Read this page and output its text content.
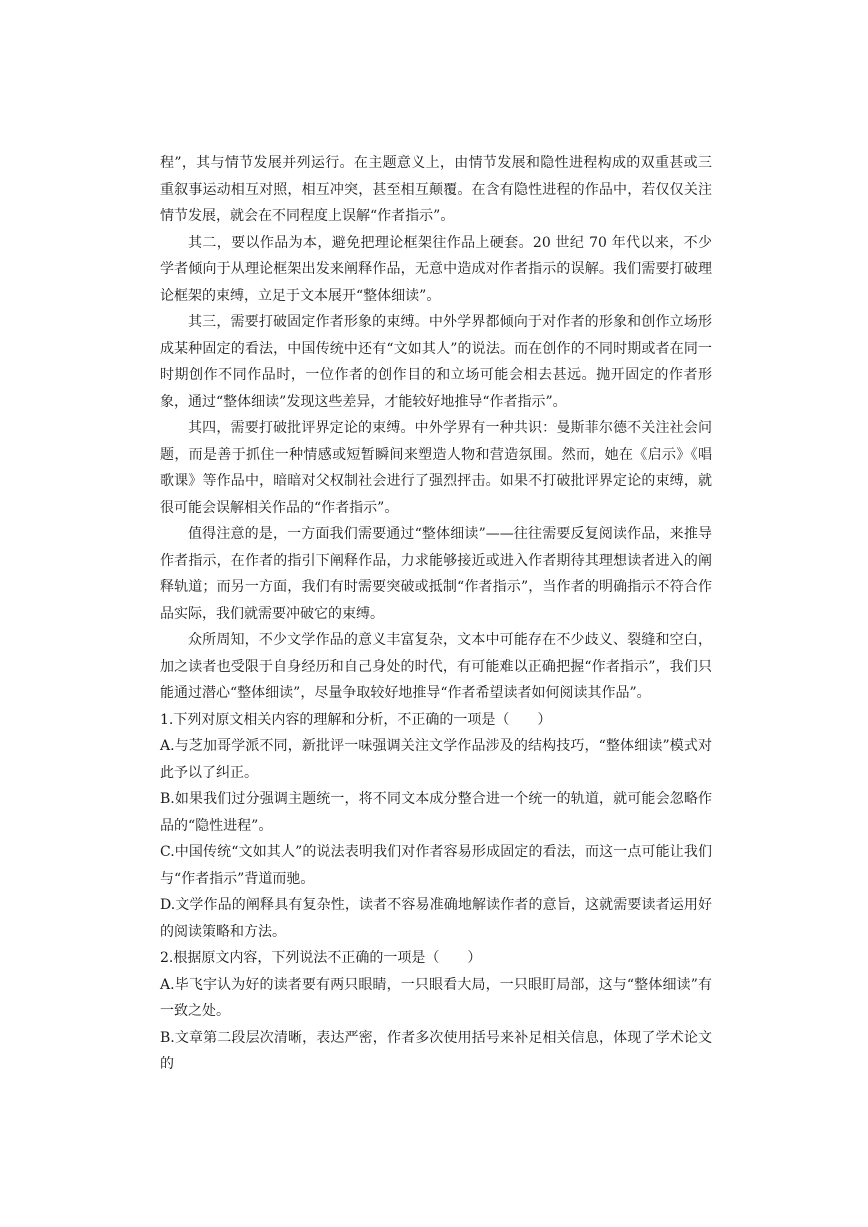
程”，其与情节发展并列运行。在主题意义上，由情节发展和隐性进程构成的双重甚或三重叙事运动相互对照，相互冲突，甚至相互颠覆。在含有隐性进程的作品中，若仅仅关注情节发展，就会在不同程度上误解“作者指示”。

其二，要以作品为本，避免把理论框架往作品上硬套。20 世纪 70 年代以来，不少学者倾向于从理论框架出发来阐释作品，无意中造成对作者指示的误解。我们需要打破理论框架的束缚，立足于文本展开“整体细读”。

其三，需要打破固定作者形象的束缚。中外学界都倾向于对作者的形象和创作立场形成某种固定的看法，中国传统中还有“文如其人”的说法。而在创作的不同时期或者在同一时期创作不同作品时，一位作者的创作目的和立场可能会相去甚远。抛开固定的作者形象，通过“整体细读”发现这些差异，才能较好地推导“作者指示”。

其四，需要打破批评界定论的束缚。中外学界有一种共识：曼斯菲尔德不关注社会问题，而是善于抓住一种情感或短暂瞬间来塑造人物和营造氛围。然而，她在《启示》《唱歌课》等作品中，暗暗对父权制社会进行了强烈抨击。如果不打破批评界定论的束缚，就很可能会误解相关作品的“作者指示”。

值得注意的是，一方面我们需要通过“整体细读”——往往需要反复阅读作品，来推导作者指示，在作者的指引下阐释作品，力求能够接近或进入作者期待其理想读者进入的阐释轨道；而另一方面，我们有时需要突破或抵制“作者指示”，当作者的明确指示不符合作品实际，我们就需要冲破它的束缚。

众所周知，不少文学作品的意义丰富复杂，文本中可能存在不少歧义、裂缝和空白，加之读者也受限于自身经历和自己身处的时代，有可能难以正确把握“作者指示”，我们只能通过潜心“整体细读”，尽量争取较好地推导“作者希望读者如何阅读其作品”。

1.下列对原文相关内容的理解和分析，不正确的一项是（　　）

A.与芝加哥学派不同，新批评一味强调关注文学作品涉及的结构技巧，“整体细读”模式对此予以了纠正。

B.如果我们过分强调主题统一，将不同文本成分整合进一个统一的轨道，就可能会忽略作品的“隐性进程”。

C.中国传统“文如其人”的说法表明我们对作者容易形成固定的看法，而这一点可能让我们与“作者指示”背道而驰。

D.文学作品的阐释具有复杂性，读者不容易准确地解读作者的意旨，这就需要读者运用好的阅读策略和方法。

2.根据原文内容，下列说法不正确的一项是（　　）

A.毕飞宇认为好的读者要有两只眼睛，一只眼看大局，一只眼盯局部，这与“整体细读”有一致之处。

B.文章第二段层次清晰，表达严密，作者多次使用括号来补足相关信息，体现了学术论文的
